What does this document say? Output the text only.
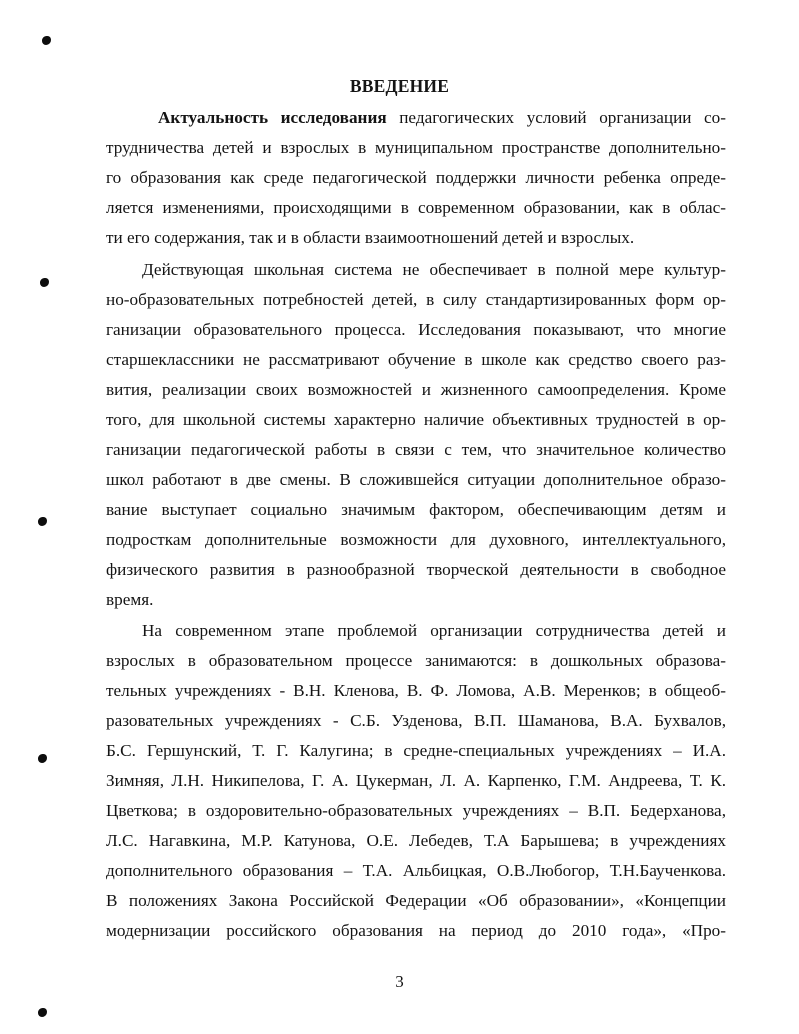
ВВЕДЕНИЕ
Актуальность исследования педагогических условий организации со-
трудничества детей и взрослых в муниципальном пространстве дополнительно-
го образования как среде педагогической поддержки личности ребенка опреде-
ляется изменениями, происходящими в современном образовании, как в облас-
ти его содержания, так и в области взаимоотношений детей и взрослых.
Действующая школьная система не обеспечивает в полной мере культур-
но-образовательных потребностей детей, в силу стандартизированных форм ор-
ганизации образовательного процесса. Исследования показывают, что многие
старшеклассники не рассматривают обучение в школе как средство своего раз-
вития, реализации своих возможностей и жизненного самоопределения. Кроме
того, для школьной системы характерно наличие объективных трудностей в ор-
ганизации педагогической работы в связи с тем, что значительное количество
школ работают в две смены. В сложившейся ситуации дополнительное образо-
вание выступает социально значимым фактором, обеспечивающим детям и
подросткам дополнительные возможности для духовного, интеллектуального,
физического развития в разнообразной творческой деятельности в свободное
время.
На современном этапе проблемой организации сотрудничества детей и
взрослых в образовательном процессе занимаются: в дошкольных образова-
тельных учреждениях - В.Н. Кленова, В. Ф. Ломова, А.В. Меренков; в общеоб-
разовательных учреждениях - С.Б. Узденова, В.П. Шаманова, В.А. Бухвалов,
Б.С. Гершунский, Т. Г. Калугина; в средне-специальных учреждениях – И.А.
Зимняя, Л.Н. Никипелова, Г. А. Цукерман, Л. А. Карпенко, Г.М. Андреева, Т. К.
Цветкова; в оздоровительно-образовательных учреждениях – В.П. Бедерханова,
Л.С. Нагавкина, М.Р. Катунова, О.Е. Лебедев, Т.А Барышева; в учреждениях
дополнительного образования – Т.А. Альбицкая, О.В.Любогор, Т.Н.Баученкова.
В положениях Закона Российской Федерации «Об образовании», «Концепции
модернизации российского образования на период до 2010 года», «Про-
3
